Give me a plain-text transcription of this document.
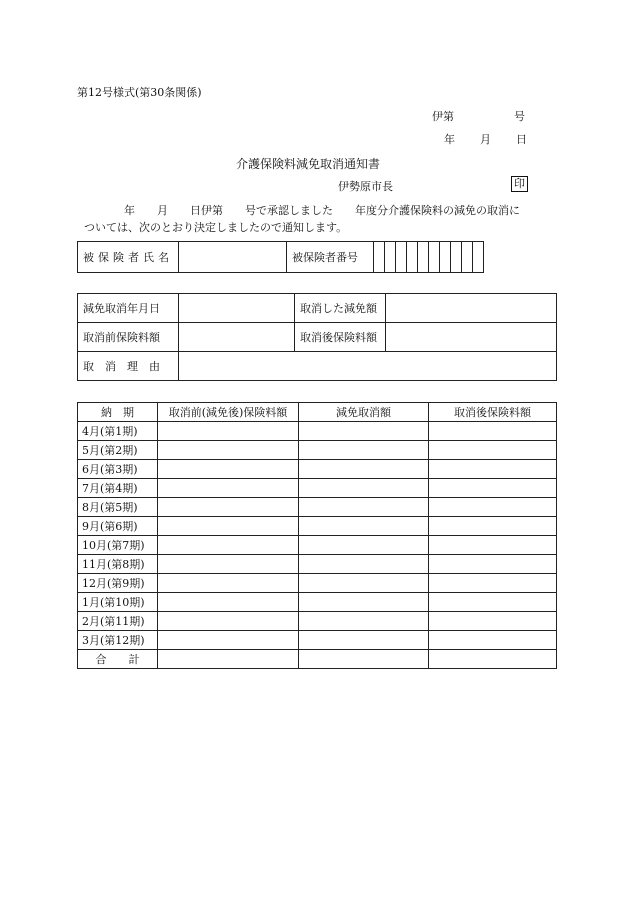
第12号様式(第30条関係)
伊第	号
年 月 日
介護保険料減免取消通知書
伊勢原市長	印
年　　月　　日伊第　　号で承認しました　　年度分介護保険料の減免の取消に
ついては、次のとおり決定しましたので通知します。
被保険者氏名		被保険者番号										
減免取消年月日		取消した減免額	
取消前保険料額		取消後保険料額	
取　消　理　由			
納　期	取消前(減免後)保険料額	減免取消額	取消後保険料額
4月(第1期)			
5月(第2期)			
6月(第3期)			
7月(第4期)			
8月(第5期)			
9月(第6期)			
10月(第7期)			
11月(第8期)			
12月(第9期)			
1月(第10期)			
2月(第11期)			
3月(第12期)			
合　　計			
